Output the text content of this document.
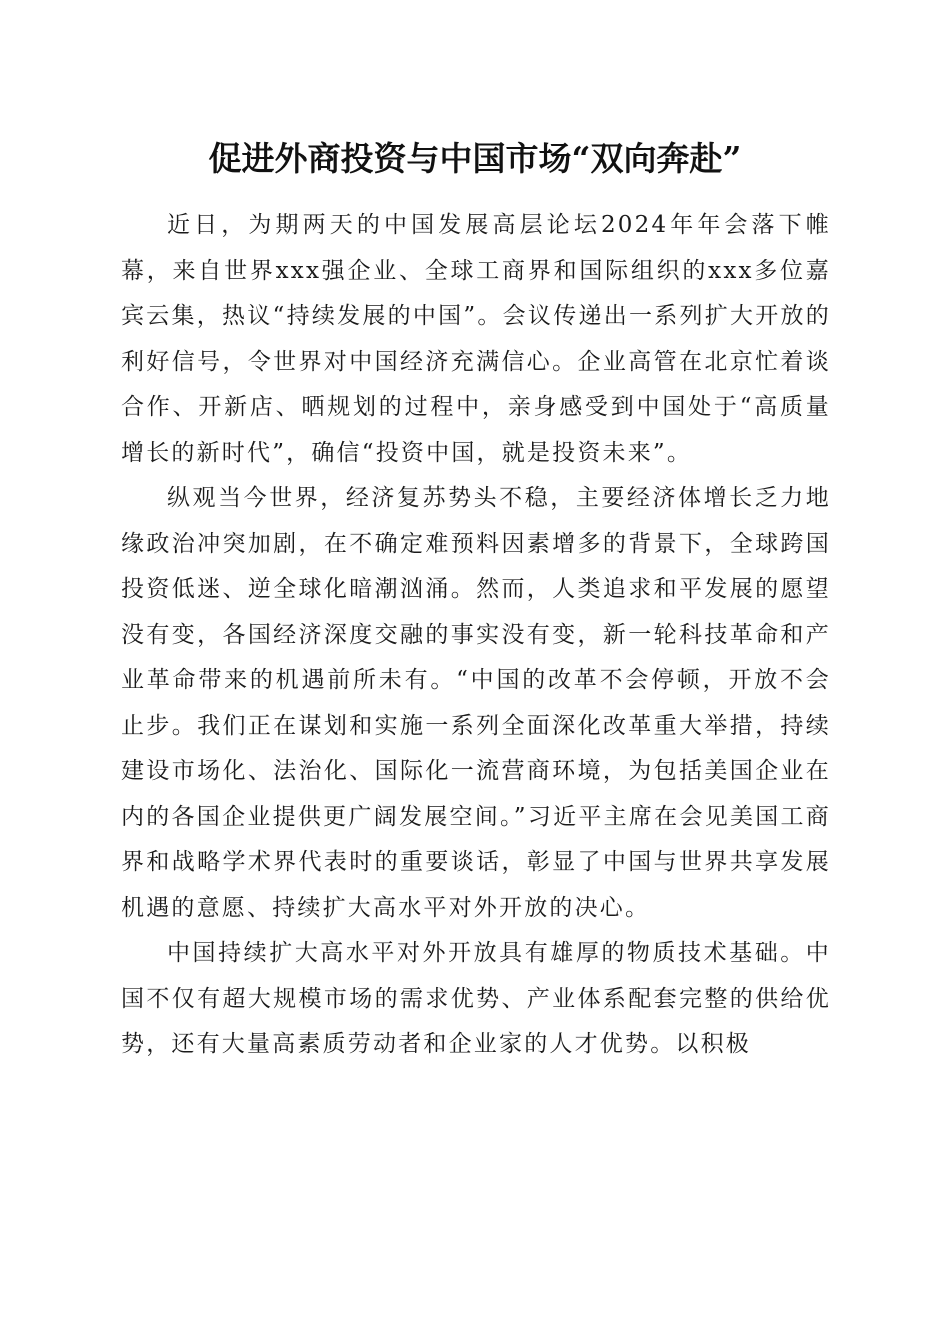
促进外商投资与中国市场“双向奔赴”

近日，为期两天的中国发展高层论坛2024年年会落下帷幕，来自世界xxx强企业、全球工商界和国际组织的xxx多位嘉宾云集，热议“持续发展的中国”。会议传递出一系列扩大开放的利好信号，令世界对中国经济充满信心。企业高管在北京忙着谈合作、开新店、晒规划的过程中，亲身感受到中国处于“高质量增长的新时代”，确信“投资中国，就是投资未来”。

纵观当今世界，经济复苏势头不稳，主要经济体增长乏力地缘政治冲突加剧，在不确定难预料因素增多的背景下，全球跨国投资低迷、逆全球化暗潮汹涌。然而，人类追求和平发展的愿望没有变，各国经济深度交融的事实没有变，新一轮科技革命和产业革命带来的机遇前所未有。“中国的改革不会停顿，开放不会止步。我们正在谋划和实施一系列全面深化改革重大举措，持续建设市场化、法治化、国际化一流营商环境，为包括美国企业在内的各国企业提供更广阔发展空间。”习近平主席在会见美国工商界和战略学术界代表时的重要谈话，彰显了中国与世界共享发展机遇的意愿、持续扩大高水平对外开放的决心。

中国持续扩大高水平对外开放具有雄厚的物质技术基础。中国不仅有超大规模市场的需求优势、产业体系配套完整的供给优势，还有大量高素质劳动者和企业家的人才优势。以积极
